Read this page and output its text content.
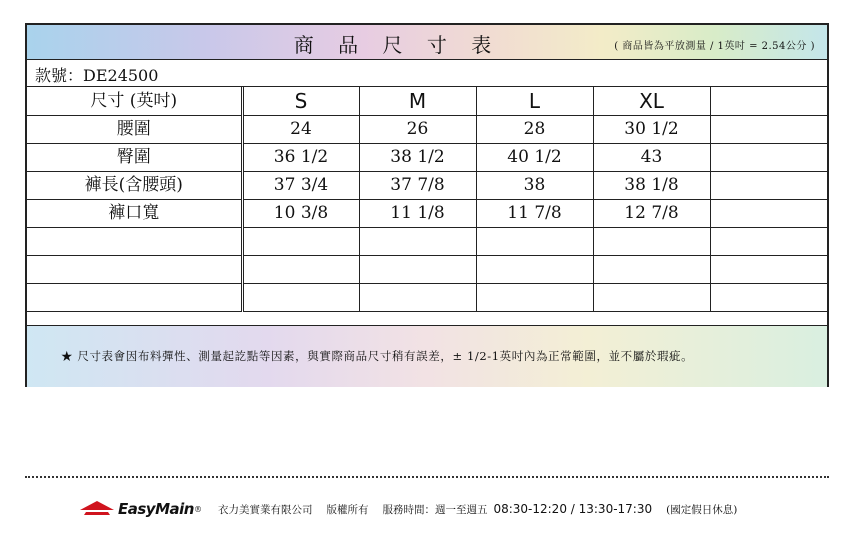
商 品 尺 寸 表	( 商品皆為平放測量 / 1英吋 = 2.54公分 )
款號：DE24500
尺寸 (英吋)	S	M	L	XL	
腰圍	24	26	28	30 1/2	
臀圍	36 1/2	38 1/2	40 1/2	43	
褲長(含腰頭)	37 3/4	37 7/8	38	38 1/8	
褲口寬	10 3/8	11 1/8	11 7/8	12 7/8	

★ 尺寸表會因布料彈性、測量起訖點等因素，與實際商品尺寸稍有誤差，± 1/2-1英吋內為正常範圍，並不屬於瑕疵。
EasyMain ® 衣力美實業有限公司 版權所有 服務時間：週一至週五 08:30-12:20 / 13:30-17:30 (國定假日休息)
